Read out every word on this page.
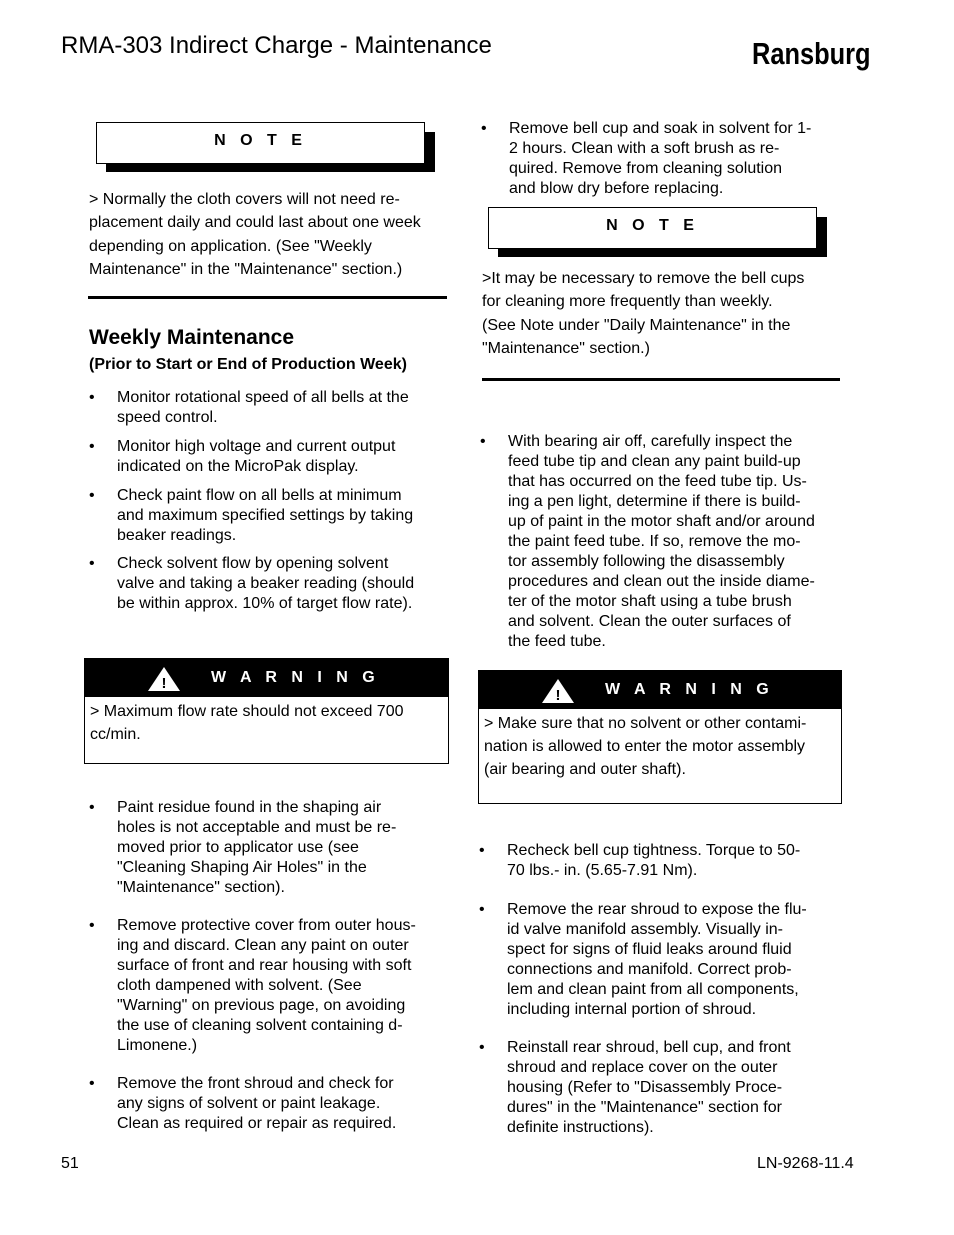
RMA-303 Indirect Charge - Maintenance	Ransburg
N O T E
> Normally the cloth covers will not need re-
placement daily and could last about one week
depending on application. (See "Weekly
Maintenance" in the "Maintenance" section.)
Weekly Maintenance
(Prior to Start or End of Production Week)
•	Monitor rotational speed of all bells at the
speed control.
•	Monitor high voltage and current output
indicated on the MicroPak display.
•	Check paint flow on all bells at minimum
and maximum specified settings by taking
beaker readings.
•	Check solvent flow by opening solvent
valve and taking a beaker reading (should
be within approx. 10% of target flow rate).
!	W A R N I N G
> Maximum flow rate should not exceed 700
cc/min.
•	Paint residue found in the shaping air
holes is not acceptable and must be re-
moved prior to applicator use (see
"Cleaning Shaping Air Holes" in the
"Maintenance" section).
•	Remove protective cover from outer hous-
ing and discard. Clean any paint on outer
surface of front and rear housing with soft
cloth dampened with solvent. (See
"Warning" on previous page, on avoiding
the use of cleaning solvent containing d-
Limonene.)
•	Remove the front shroud and check for
any signs of solvent or paint leakage.
Clean as required or repair as required.
•	Remove bell cup and soak in solvent for 1-
2 hours. Clean with a soft brush as re-
quired. Remove from cleaning solution
and blow dry before replacing.
N O T E
>It may be necessary to remove the bell cups
for cleaning more frequently than weekly.
(See Note under "Daily Maintenance" in the
"Maintenance" section.)
•	With bearing air off, carefully inspect the
feed tube tip and clean any paint build-up
that has occurred on the feed tube tip. Us-
ing a pen light, determine if there is build-
up of paint in the motor shaft and/or around
the paint feed tube. If so, remove the mo-
tor assembly following the disassembly
procedures and clean out the inside diame-
ter of the motor shaft using a tube brush
and solvent. Clean the outer surfaces of
the feed tube.
!	W A R N I N G
> Make sure that no solvent or other contami-
nation is allowed to enter the motor assembly
(air bearing and outer shaft).
•	Recheck bell cup tightness. Torque to 50-
70 lbs.- in. (5.65-7.91 Nm).
•	Remove the rear shroud to expose the flu-
id valve manifold assembly. Visually in-
spect for signs of fluid leaks around fluid
connections and manifold. Correct prob-
lem and clean paint from all components,
including internal portion of shroud.
•	Reinstall rear shroud, bell cup, and front
shroud and replace cover on the outer
housing (Refer to "Disassembly Proce-
dures" in the "Maintenance" section for
definite instructions).
51	LN-9268-11.4
